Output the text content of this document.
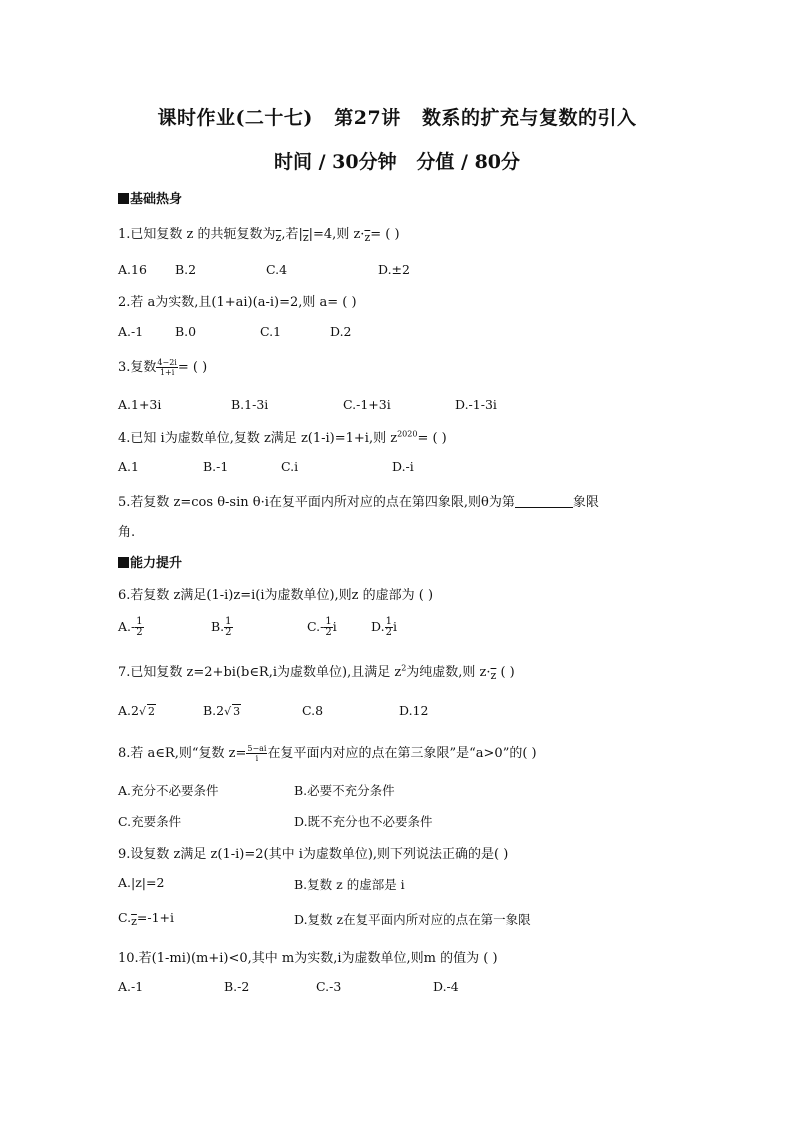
课时作业(二十七)   第27讲   数系的扩充与复数的引入
时间 / 30分钟   分值 / 80分
基础热身
1.已知复数 z 的共轭复数为$_{\overline{z}}$,若$|_{\overline{z}}|=4$,则 $z\cdot_{\overline{z}}=$ ( )
A.16 B.2	C.4	D.±2
2.若 a为实数,且(1+ai)(a-i)=2,则 a= ( )
A.-1	B.0	C.1	D.2
3.复数 $\frac{4-2i}{1+i}$ = ( )
A.1+3i	B.1-3i	C.-1+3i	D.-1-3i
4.已知 i为虚数单位,复数 z满足 z(1-i)=1+i,则 $z^{2020}=$ ( )
A.1	B.-1	C.i	D.-i
5.若复数 z=cos θ-sin θ·i在复平面内所对应的点在第四象限,则θ为第	象限
角.
能力提升
6.若复数 z满足(1-i)z=i(i为虚数单位),则z 的虚部为 ( )
$A.- \frac{1}{2}$	B. $\frac{1}{2}$	$C.- \frac{1}{2}$ i	D. $\frac{1}{2}$ i
7.已知复数 z=2+bi(b∈R,i为虚数单位),且满足 $z^2$为纯虚数,则 $z\cdot_{\overline{z}}$ ( )
A.2√ 2	B.2√ 3	C.8	D.12
8.若 a∈R,则“复数 $z= \frac{5-ai}{i}$ 在复平面内对应的点在第三象限”是“a>0”的( )
A.充分不必要条件	B.必要不充分条件
C.充要条件	D.既不充分也不必要条件
9.设复数 z满足 z(1-i)=2(其中 i为虚数单位),则下列说法正确的是( )
A.|z|=2	B.复数 z 的虚部是 i
$C.\overline{z}=-1+i$	D.复数 z在复平面内所对应的点在第一象限
10.若(1-mi)(m+i)<0,其中 m为实数,i为虚数单位,则m 的值为 ( )
A.-1	B.-2	C.-3	D.-4
